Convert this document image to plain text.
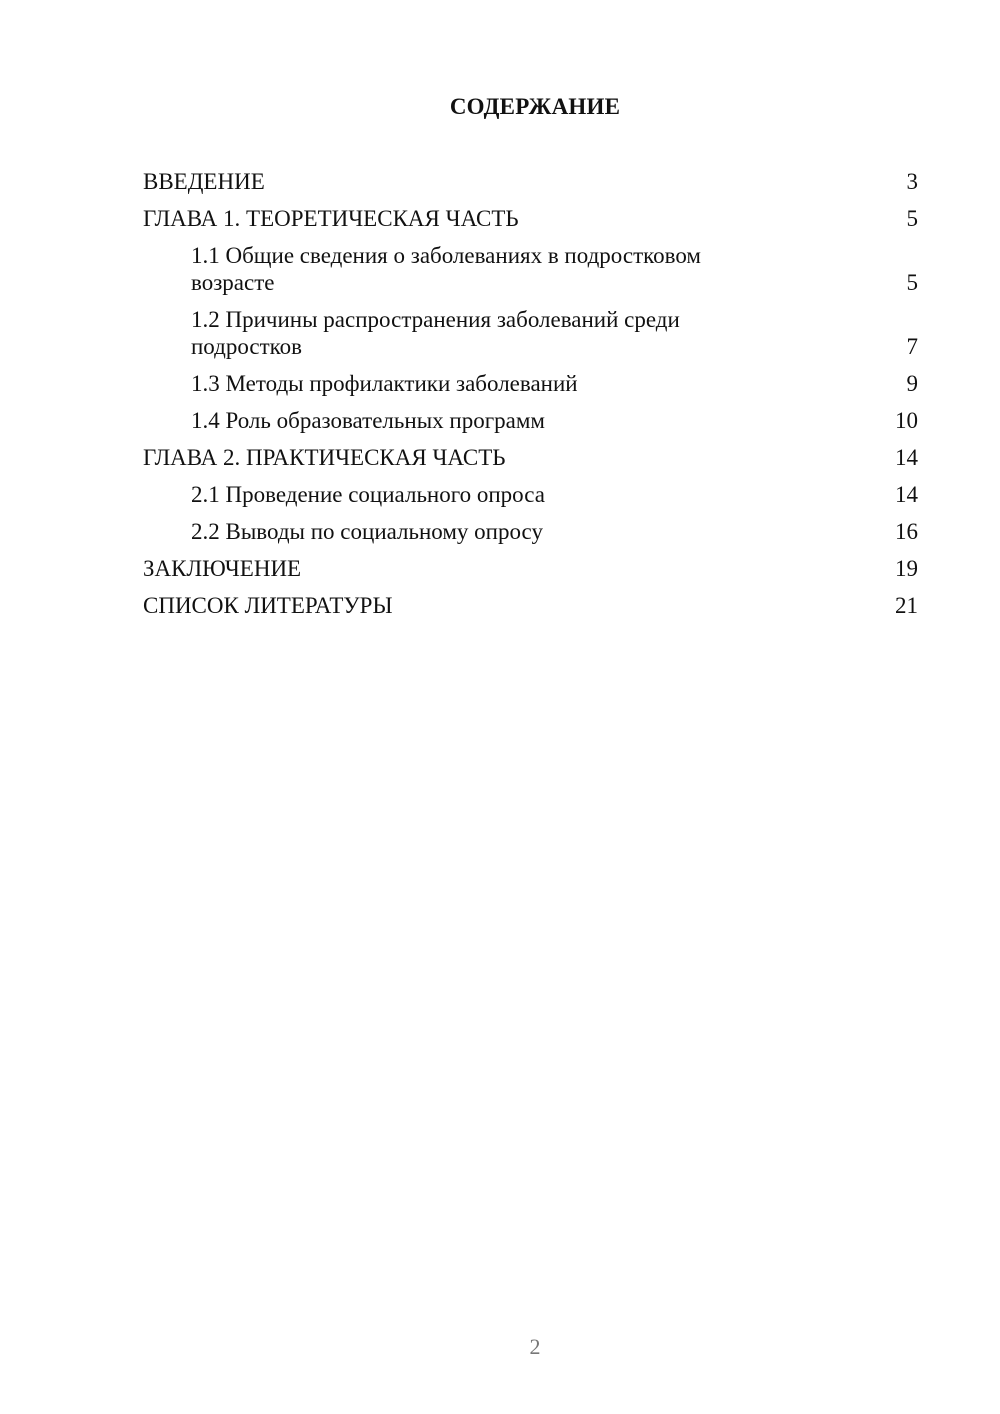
СОДЕРЖАНИЕ
ВВЕДЕНИЕ	3
ГЛАВА 1. ТЕОРЕТИЧЕСКАЯ ЧАСТЬ	5
1.1 Общие сведения о заболеваниях в подростковом возрасте	5
1.2 Причины распространения заболеваний среди подростков	7
1.3 Методы профилактики заболеваний	9
1.4 Роль образовательных программ	10
ГЛАВА 2. ПРАКТИЧЕСКАЯ ЧАСТЬ	14
2.1 Проведение социального опроса	14
2.2 Выводы по социальному опросу	16
ЗАКЛЮЧЕНИЕ	19
СПИСОК ЛИТЕРАТУРЫ	21
2
